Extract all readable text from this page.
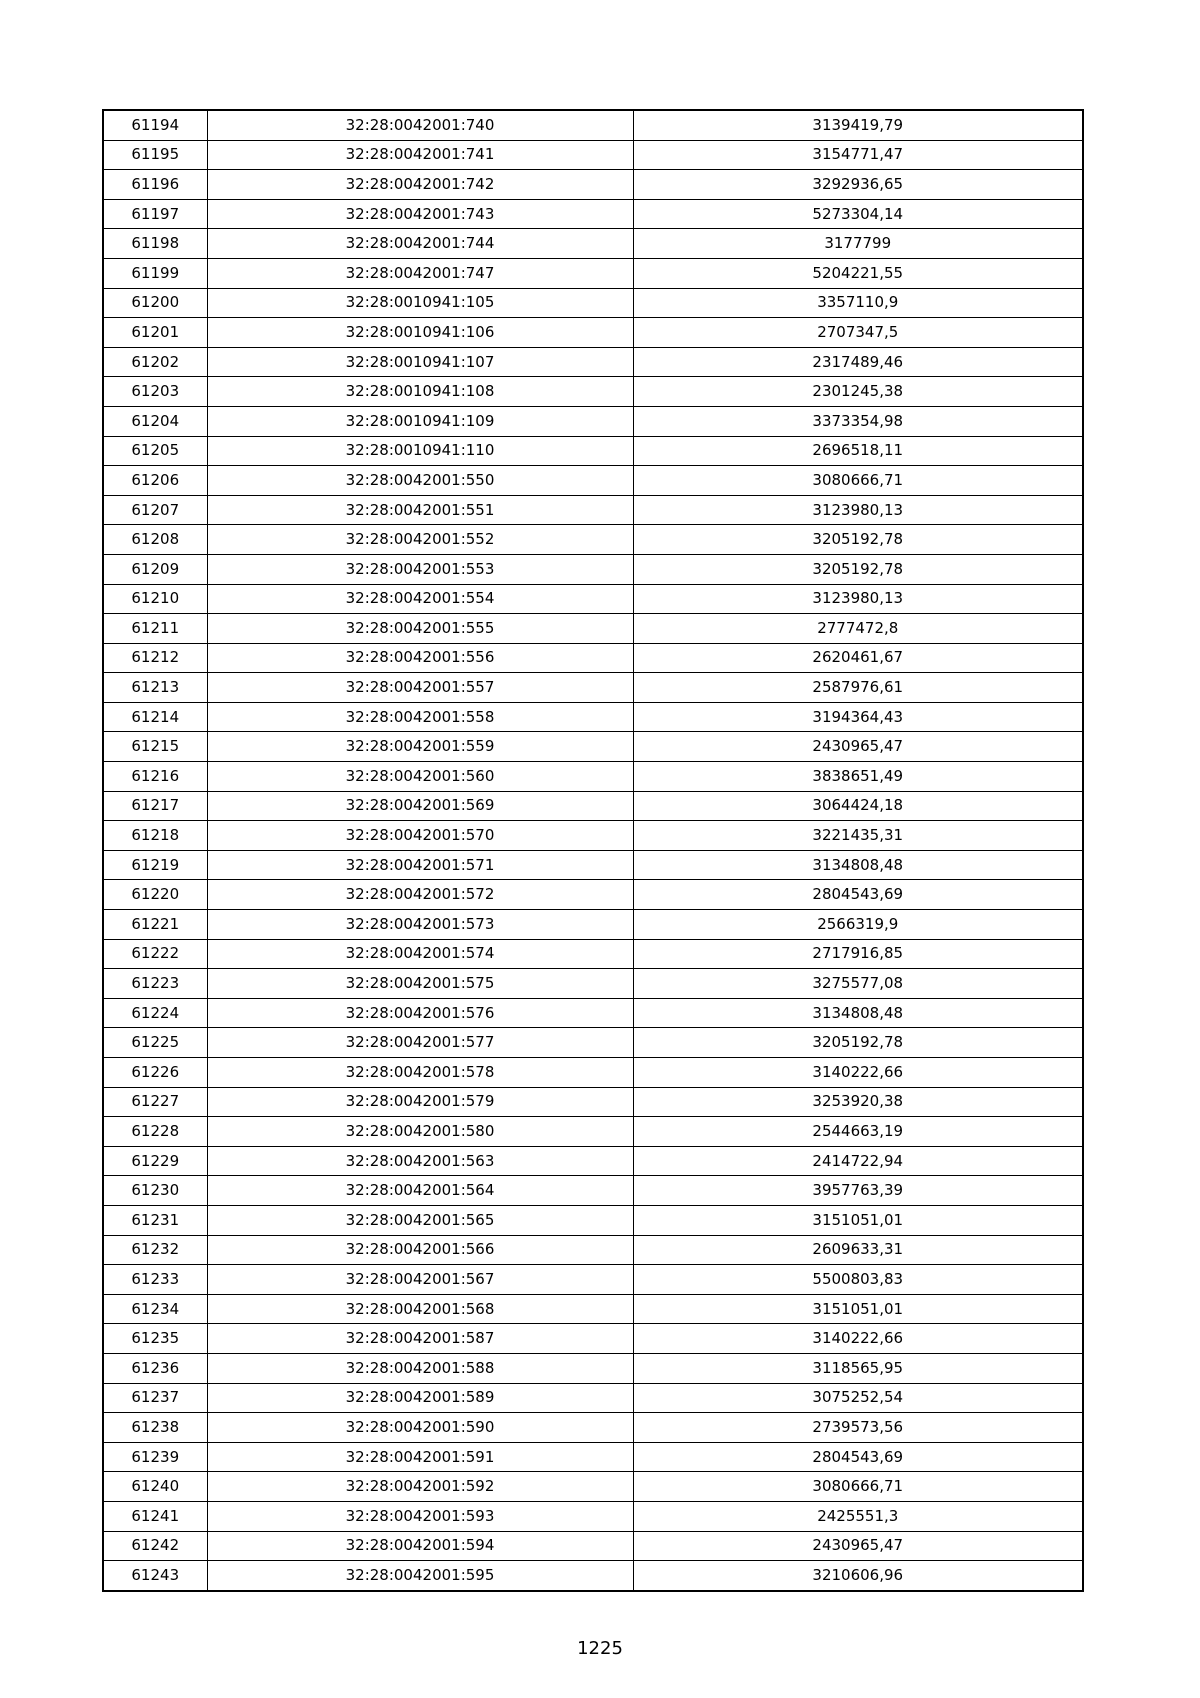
61194	32:28:0042001:740	3139419,79
61195	32:28:0042001:741	3154771,47
61196	32:28:0042001:742	3292936,65
61197	32:28:0042001:743	5273304,14
61198	32:28:0042001:744	3177799
61199	32:28:0042001:747	5204221,55
61200	32:28:0010941:105	3357110,9
61201	32:28:0010941:106	2707347,5
61202	32:28:0010941:107	2317489,46
61203	32:28:0010941:108	2301245,38
61204	32:28:0010941:109	3373354,98
61205	32:28:0010941:110	2696518,11
61206	32:28:0042001:550	3080666,71
61207	32:28:0042001:551	3123980,13
61208	32:28:0042001:552	3205192,78
61209	32:28:0042001:553	3205192,78
61210	32:28:0042001:554	3123980,13
61211	32:28:0042001:555	2777472,8
61212	32:28:0042001:556	2620461,67
61213	32:28:0042001:557	2587976,61
61214	32:28:0042001:558	3194364,43
61215	32:28:0042001:559	2430965,47
61216	32:28:0042001:560	3838651,49
61217	32:28:0042001:569	3064424,18
61218	32:28:0042001:570	3221435,31
61219	32:28:0042001:571	3134808,48
61220	32:28:0042001:572	2804543,69
61221	32:28:0042001:573	2566319,9
61222	32:28:0042001:574	2717916,85
61223	32:28:0042001:575	3275577,08
61224	32:28:0042001:576	3134808,48
61225	32:28:0042001:577	3205192,78
61226	32:28:0042001:578	3140222,66
61227	32:28:0042001:579	3253920,38
61228	32:28:0042001:580	2544663,19
61229	32:28:0042001:563	2414722,94
61230	32:28:0042001:564	3957763,39
61231	32:28:0042001:565	3151051,01
61232	32:28:0042001:566	2609633,31
61233	32:28:0042001:567	5500803,83
61234	32:28:0042001:568	3151051,01
61235	32:28:0042001:587	3140222,66
61236	32:28:0042001:588	3118565,95
61237	32:28:0042001:589	3075252,54
61238	32:28:0042001:590	2739573,56
61239	32:28:0042001:591	2804543,69
61240	32:28:0042001:592	3080666,71
61241	32:28:0042001:593	2425551,3
61242	32:28:0042001:594	2430965,47
61243	32:28:0042001:595	3210606,96
1225
